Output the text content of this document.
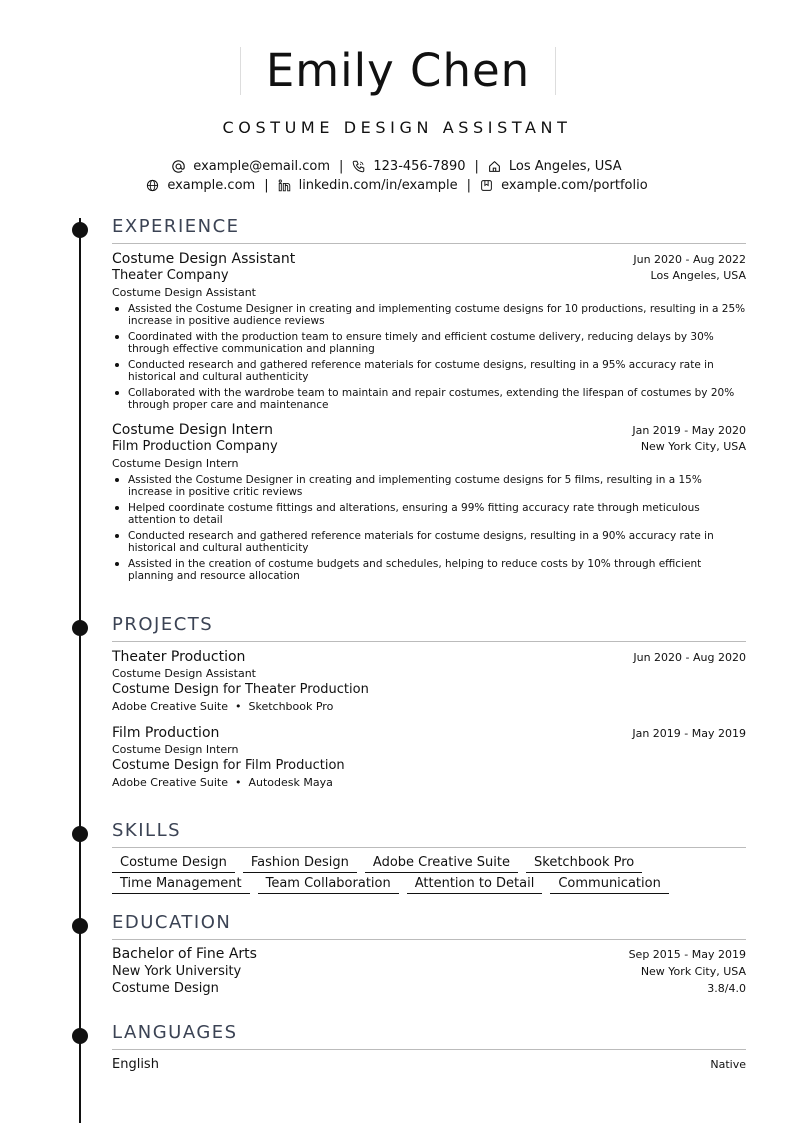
Emily Chen
COSTUME DESIGN ASSISTANT
example@email.com | 123-456-7890 | Los Angeles, USA
example.com | linkedin.com/in/example | example.com/portfolio
EXPERIENCE
Costume Design Assistant	Jun 2020 - Aug 2022
Theater Company	Los Angeles, USA
Costume Design Assistant
Assisted the Costume Designer in creating and implementing costume designs for 10 productions, resulting in a 25% increase in positive audience reviews
Coordinated with the production team to ensure timely and efficient costume delivery, reducing delays by 30% through effective communication and planning
Conducted research and gathered reference materials for costume designs, resulting in a 95% accuracy rate in historical and cultural authenticity
Collaborated with the wardrobe team to maintain and repair costumes, extending the lifespan of costumes by 20% through proper care and maintenance
Costume Design Intern	Jan 2019 - May 2020
Film Production Company	New York City, USA
Costume Design Intern
Assisted the Costume Designer in creating and implementing costume designs for 5 films, resulting in a 15% increase in positive critic reviews
Helped coordinate costume fittings and alterations, ensuring a 99% fitting accuracy rate through meticulous attention to detail
Conducted research and gathered reference materials for costume designs, resulting in a 90% accuracy rate in historical and cultural authenticity
Assisted in the creation of costume budgets and schedules, helping to reduce costs by 10% through efficient planning and resource allocation
PROJECTS
Theater Production	Jun 2020 - Aug 2020
Costume Design Assistant
Costume Design for Theater Production
Adobe Creative Suite • Sketchbook Pro
Film Production	Jan 2019 - May 2019
Costume Design Intern
Costume Design for Film Production
Adobe Creative Suite • Autodesk Maya
SKILLS
Costume Design	Fashion Design	Adobe Creative Suite	Sketchbook Pro
Time Management	Team Collaboration	Attention to Detail	Communication
EDUCATION
Bachelor of Fine Arts	Sep 2015 - May 2019
New York University	New York City, USA
Costume Design	3.8/4.0
LANGUAGES
English	Native
